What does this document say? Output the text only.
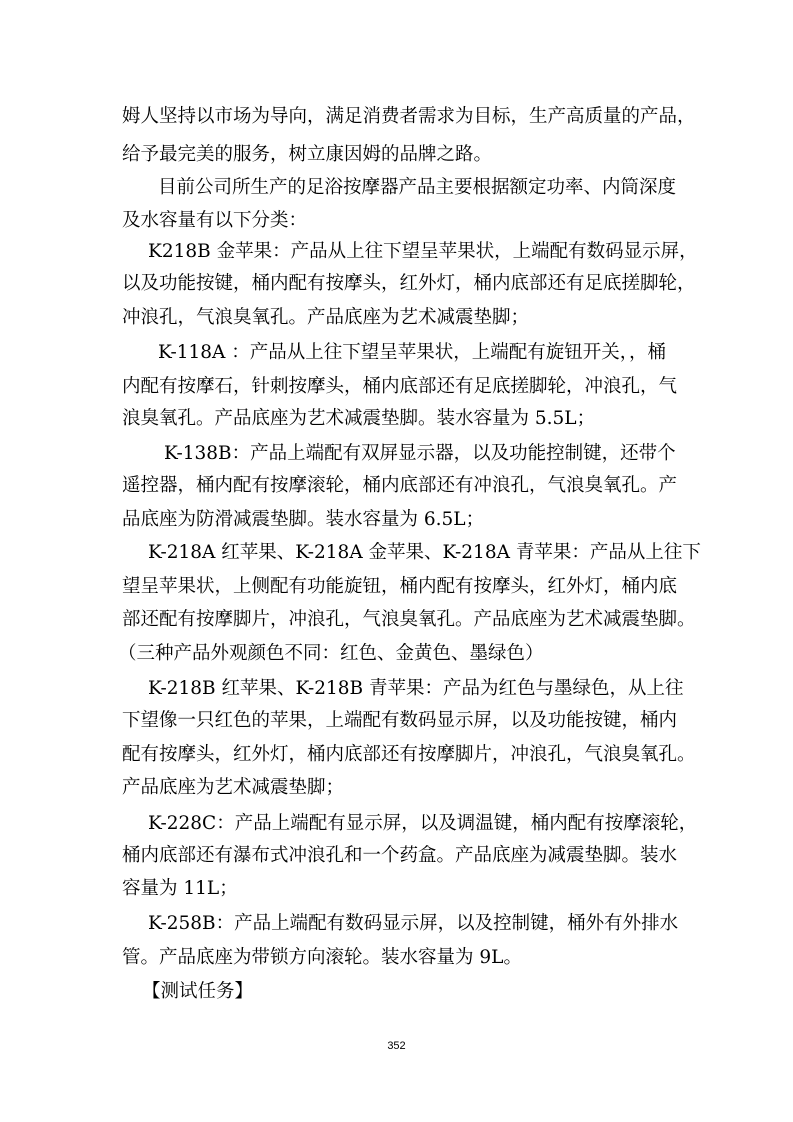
姆人坚持以市场为导向，满足消费者需求为目标，生产高质量的产品，

给予最完美的服务，树立康因姆的品牌之路。

目前公司所生产的足浴按摩器产品主要根据额定功率、内筒深度

及水容量有以下分类：

K218B 金苹果：产品从上往下望呈苹果状，上端配有数码显示屏，

以及功能按键，桶内配有按摩头，红外灯，桶内底部还有足底搓脚轮，

冲浪孔，气浪臭氧孔。产品底座为艺术减震垫脚；

K-118A ：产品从上往下望呈苹果状，上端配有旋钮开关，，桶

内配有按摩石，针刺按摩头，桶内底部还有足底搓脚轮，冲浪孔，气

浪臭氧孔。产品底座为艺术减震垫脚。装水容量为 5.5L；

K-138B：产品上端配有双屏显示器，以及功能控制键，还带个

遥控器，桶内配有按摩滚轮，桶内底部还有冲浪孔，气浪臭氧孔。产

品底座为防滑减震垫脚。装水容量为 6.5L；

K-218A 红苹果、K-218A 金苹果、K-218A 青苹果：产品从上往下

望呈苹果状，上侧配有功能旋钮，桶内配有按摩头，红外灯，桶内底

部还配有按摩脚片，冲浪孔，气浪臭氧孔。产品底座为艺术减震垫脚。

（三种产品外观颜色不同：红色、金黄色、墨绿色）

K-218B 红苹果、K-218B 青苹果：产品为红色与墨绿色，从上往

下望像一只红色的苹果，上端配有数码显示屏，以及功能按键，桶内

配有按摩头，红外灯，桶内底部还有按摩脚片，冲浪孔，气浪臭氧孔。

产品底座为艺术减震垫脚；

K-228C：产品上端配有显示屏，以及调温键，桶内配有按摩滚轮，

桶内底部还有瀑布式冲浪孔和一个药盒。产品底座为减震垫脚。装水

容量为 11L；

K-258B：产品上端配有数码显示屏，以及控制键，桶外有外排水

管。产品底座为带锁方向滚轮。装水容量为 9L。

【测试任务】

352
